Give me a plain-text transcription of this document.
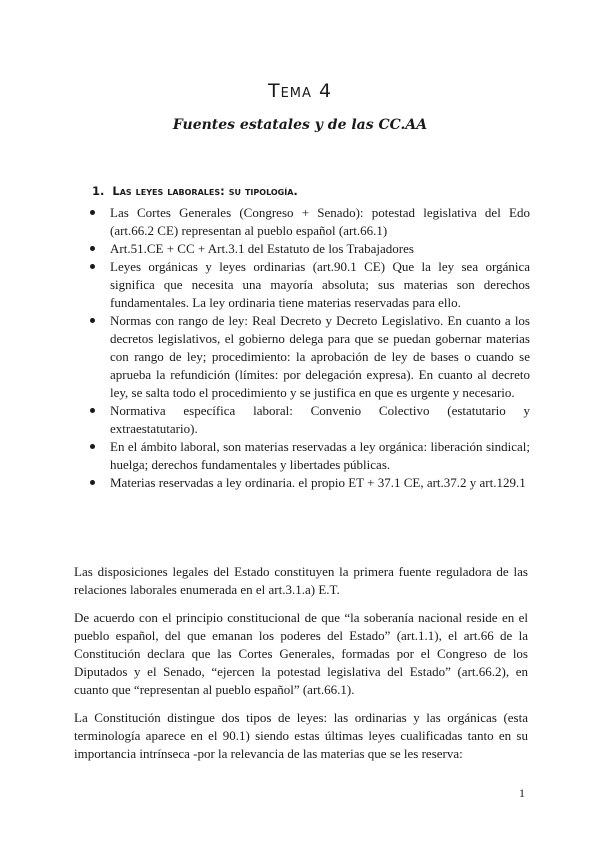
Tema 4
Fuentes estatales y de las CC.AA
1. Las leyes laborales: su tipología.
Las Cortes Generales (Congreso + Senado): potestad legislativa del Edo (art.66.2 CE) representan al pueblo español (art.66.1)
Art.51.CE + CC + Art.3.1 del Estatuto de los Trabajadores
Leyes orgánicas y leyes ordinarias (art.90.1 CE) Que la ley sea orgánica significa que necesita una mayoría absoluta; sus materias son derechos fundamentales. La ley ordinaria tiene materias reservadas para ello.
Normas con rango de ley: Real Decreto y Decreto Legislativo. En cuanto a los decretos legislativos, el gobierno delega para que se puedan gobernar materias con rango de ley; procedimiento: la aprobación de ley de bases o cuando se aprueba la refundición (límites: por delegación expresa). En cuanto al decreto ley, se salta todo el procedimiento y se justifica en que es urgente y necesario.
Normativa específica laboral: Convenio Colectivo (estatutario y extraestatutario).
En el ámbito laboral, son materias reservadas a ley orgánica: liberación sindical; huelga; derechos fundamentales y libertades públicas.
Materias reservadas a ley ordinaria. el propio ET + 37.1 CE, art.37.2 y art.129.1

Las disposiciones legales del Estado constituyen la primera fuente reguladora de las relaciones laborales enumerada en el art.3.1.a) E.T.

De acuerdo con el principio constitucional de que “la soberanía nacional reside en el pueblo español, del que emanan los poderes del Estado” (art.1.1), el art.66 de la Constitución declara que las Cortes Generales, formadas por el Congreso de los Diputados y el Senado, “ejercen la potestad legislativa del Estado” (art.66.2), en cuanto que “representan al pueblo español” (art.66.1).

La Constitución distingue dos tipos de leyes: las ordinarias y las orgánicas (esta terminología aparece en el 90.1) siendo estas últimas leyes cualificadas tanto en su importancia intrínseca -por la relevancia de las materias que se les reserva:

1
